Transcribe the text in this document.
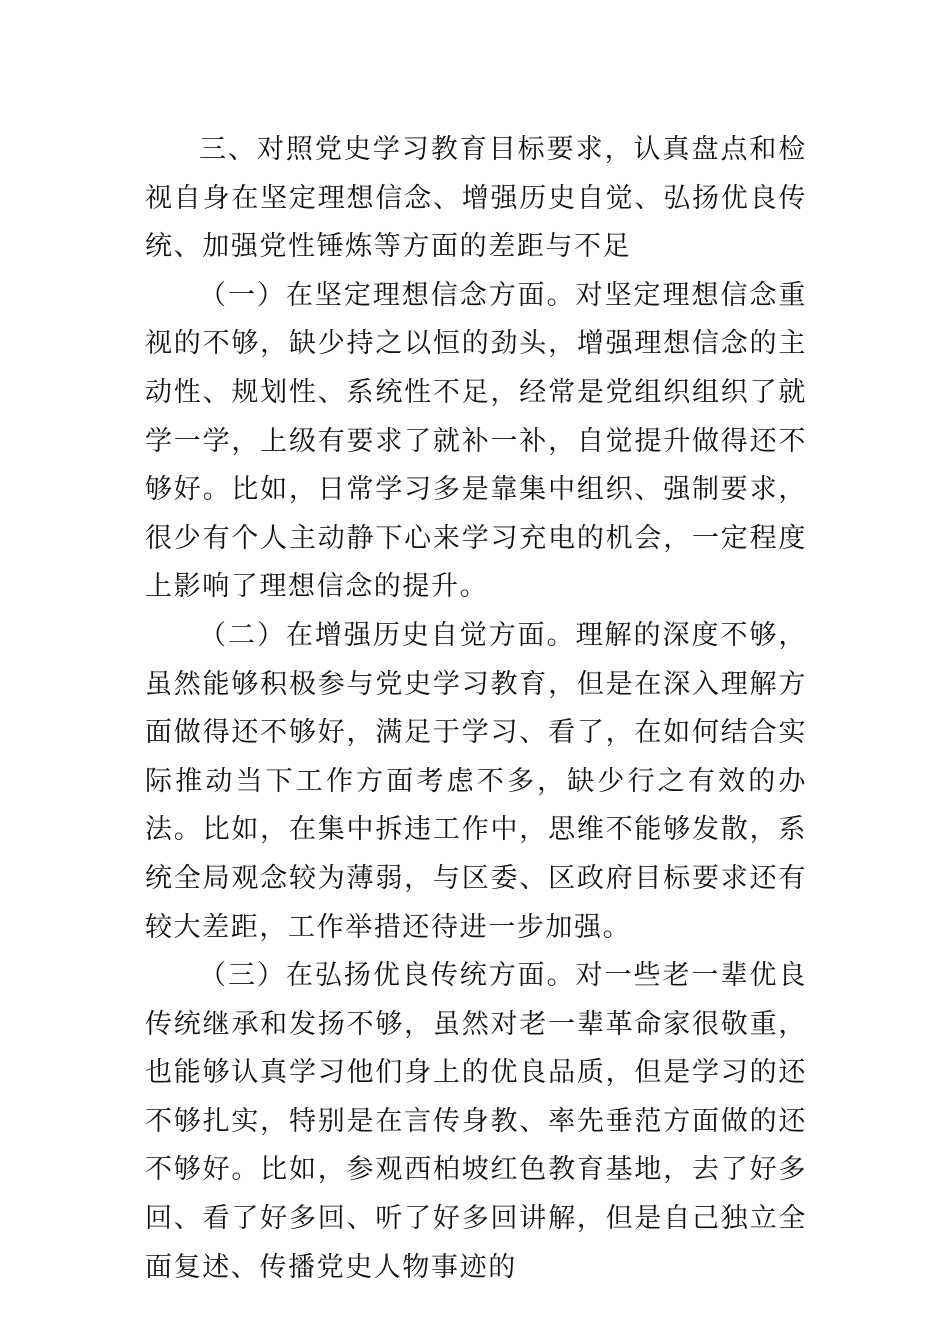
三、对照党史学习教育目标要求，认真盘点和检视自身在坚定理想信念、增强历史自觉、弘扬优良传统、加强党性锤炼等方面的差距与不足

（一）在坚定理想信念方面。对坚定理想信念重视的不够，缺少持之以恒的劲头，增强理想信念的主动性、规划性、系统性不足，经常是党组织组织了就学一学，上级有要求了就补一补，自觉提升做得还不够好。比如，日常学习多是靠集中组织、强制要求，很少有个人主动静下心来学习充电的机会，一定程度上影响了理想信念的提升。

（二）在增强历史自觉方面。理解的深度不够，虽然能够积极参与党史学习教育，但是在深入理解方面做得还不够好，满足于学习、看了，在如何结合实际推动当下工作方面考虑不多，缺少行之有效的办法。比如，在集中拆违工作中，思维不能够发散，系统全局观念较为薄弱，与区委、区政府目标要求还有较大差距，工作举措还待进一步加强。

（三）在弘扬优良传统方面。对一些老一辈优良传统继承和发扬不够，虽然对老一辈革命家很敬重，也能够认真学习他们身上的优良品质，但是学习的还不够扎实，特别是在言传身教、率先垂范方面做的还不够好。比如，参观西柏坡红色教育基地，去了好多回、看了好多回、听了好多回讲解，但是自己独立全面复述、传播党史人物事迹的
